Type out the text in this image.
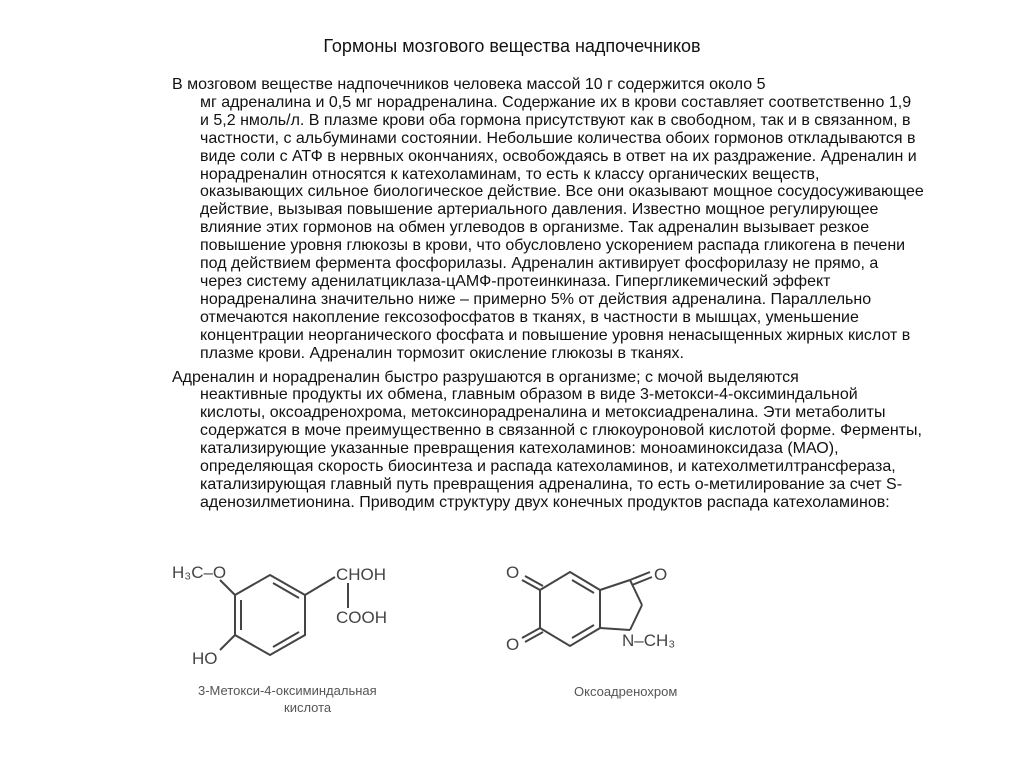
Гормоны мозгового вещества надпочечников

В мозговом веществе надпочечников человека массой 10 г содержится около 5
мг адреналина и 0,5 мг норадреналина. Содержание их в крови составляет соответственно 1,9
и 5,2 нмоль/л. В плазме крови оба гормона присутствуют как в свободном, так и в связанном, в
частности, с альбуминами состоянии. Небольшие количества обоих гормонов откладываются в
виде соли с АТФ в нервных окончаниях, освобождаясь в ответ на их раздражение. Адреналин и
норадреналин относятся к катехоламинам, то есть к классу органических веществ,
оказывающих сильное биологическое действие. Все они оказывают мощное сосудосуживающее
действие, вызывая повышение артериального давления. Известно мощное регулирующее
влияние этих гормонов на обмен углеводов в организме. Так адреналин вызывает резкое
повышение уровня глюкозы в крови, что обусловлено ускорением распада гликогена в печени
под действием фермента фосфорилазы. Адреналин активирует фосфорилазу не прямо, а
через систему аденилатциклаза-цАМФ-протеинкиназа. Гипергликемический эффект
норадреналина значительно ниже – примерно 5% от действия адреналина. Параллельно
отмечаются накопление гексозофосфатов в тканях, в частности в мышцах, уменьшение
концентрации неорганического фосфата и повышение уровня ненасыщенных жирных кислот в
плазме крови. Адреналин тормозит окисление глюкозы в тканях.

Адреналин и норадреналин быстро разрушаются в организме; с мочой выделяются
неактивные продукты их обмена, главным образом в виде 3-метокси-4-оксиминдальной
кислоты, оксоадренохрома, метоксинорадреналина и метоксиадреналина. Эти метаболиты
содержатся в моче преимущественно в связанной с глюкоуроновой кислотой форме. Ферменты,
катализирующие указанные превращения катехоламинов: моноаминоксидаза (МАО),
определяющая скорость биосинтеза и распада катехоламинов, и катехолметилтрансфераза,
катализирующая главный путь превращения адреналина, то есть о-метилирование за счет S-
аденозилметионина. Приводим структуру двух конечных продуктов распада катехоламинов:

H₃C–O
HO
CHOH
COOH
O
O
O	N–CH₃
3-Метокси-4-оксиминдальная
кислота
Оксоадренохром
